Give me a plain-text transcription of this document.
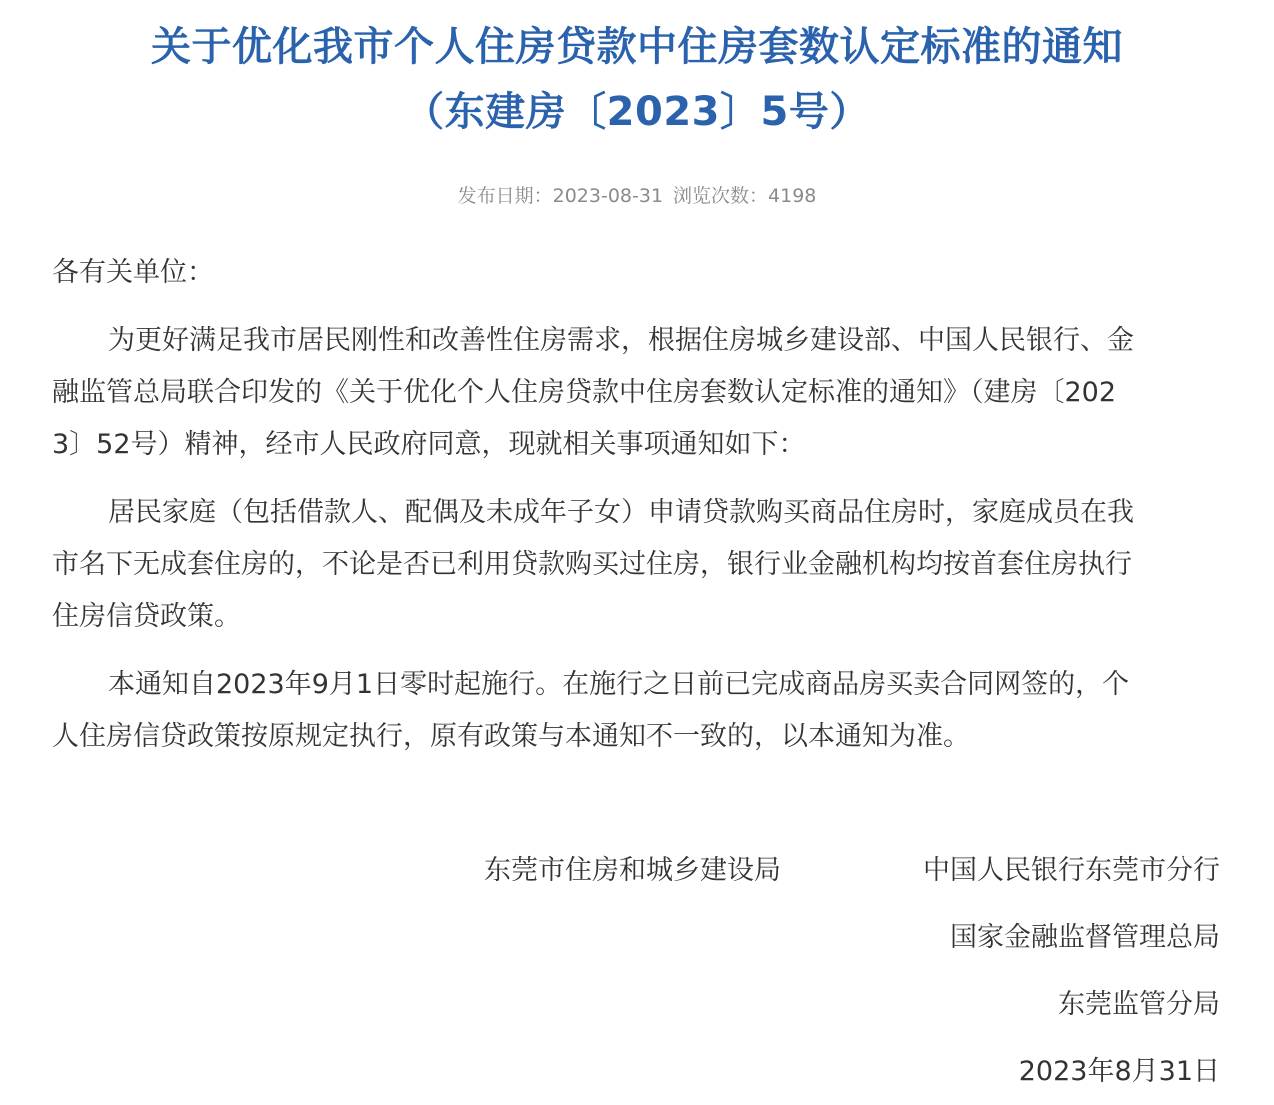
关于优化我市个人住房贷款中住房套数认定标准的通知
（东建房〔2023〕5号）
发布日期：2023-08-31 浏览次数：4198
各有关单位：
为更好满足我市居民刚性和改善性住房需求，根据住房城乡建设部、中国人民银行、金
融监管总局联合印发的《关于优化个人住房贷款中住房套数认定标准的通知》（建房〔202
3〕52号）精神，经市人民政府同意，现就相关事项通知如下：
居民家庭（包括借款人、配偶及未成年子女）申请贷款购买商品住房时，家庭成员在我
市名下无成套住房的，不论是否已利用贷款购买过住房，银行业金融机构均按首套住房执行
住房信贷政策。
本通知自2023年9月1日零时起施行。在施行之日前已完成商品房买卖合同网签的，个
人住房信贷政策按原规定执行，原有政策与本通知不一致的，以本通知为准。
东莞市住房和城乡建设局	中国人民银行东莞市分行
国家金融监督管理总局
东莞监管分局
2023年8月31日
